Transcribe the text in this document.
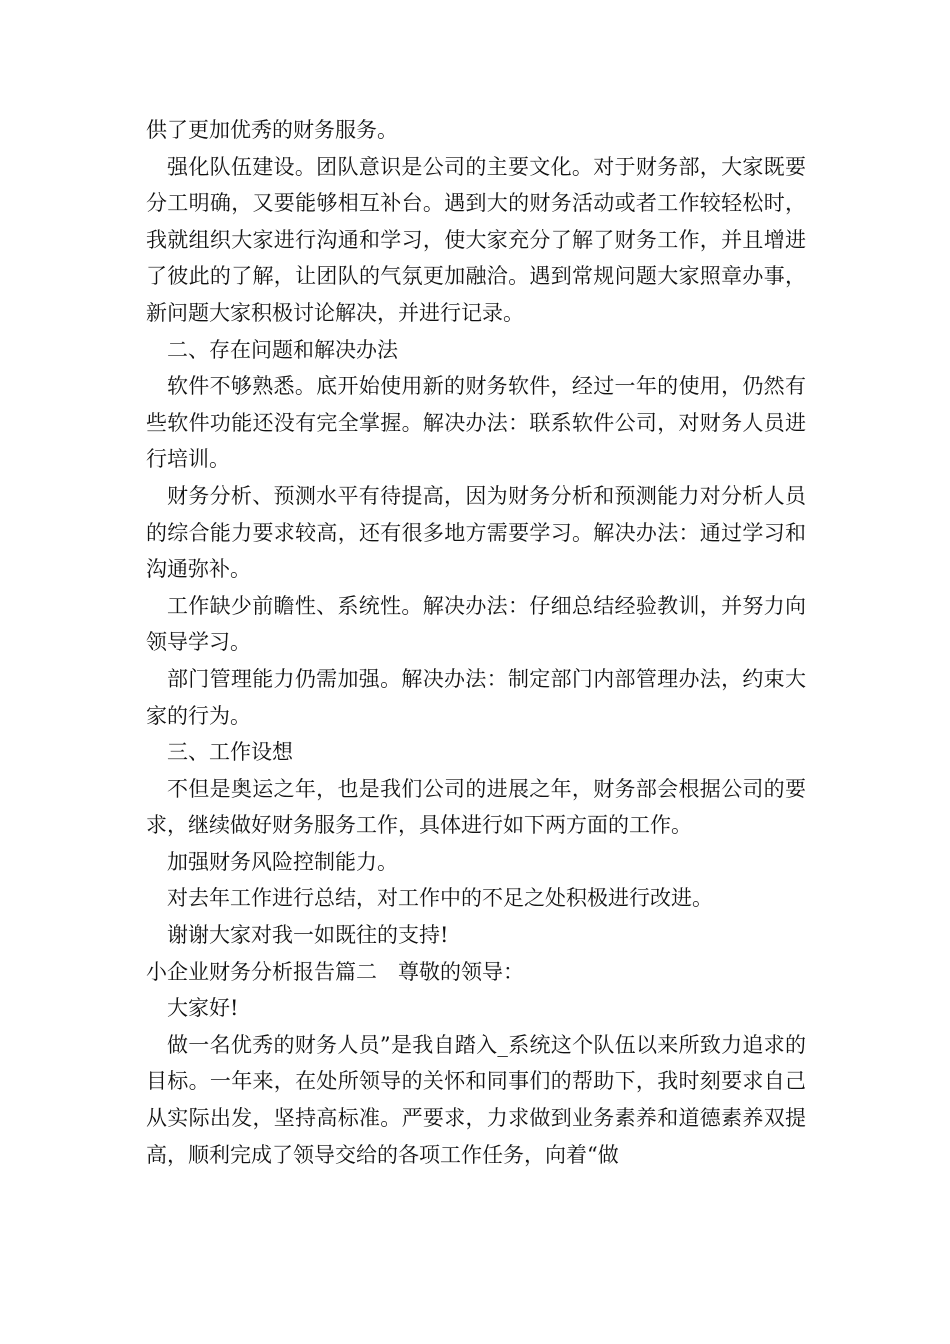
供了更加优秀的财务服务。

强化队伍建设。团队意识是公司的主要文化。对于财务部，大家既要分工明确，又要能够相互补台。遇到大的财务活动或者工作较轻松时，我就组织大家进行沟通和学习，使大家充分了解了财务工作，并且增进了彼此的了解，让团队的气氛更加融洽。遇到常规问题大家照章办事，新问题大家积极讨论解决，并进行记录。

二、存在问题和解决办法

软件不够熟悉。底开始使用新的财务软件，经过一年的使用，仍然有些软件功能还没有完全掌握。解决办法：联系软件公司，对财务人员进行培训。

财务分析、预测水平有待提高，因为财务分析和预测能力对分析人员的综合能力要求较高，还有很多地方需要学习。解决办法：通过学习和沟通弥补。

工作缺少前瞻性、系统性。解决办法：仔细总结经验教训，并努力向领导学习。

部门管理能力仍需加强。解决办法：制定部门内部管理办法，约束大家的行为。

三、工作设想

不但是奥运之年，也是我们公司的进展之年，财务部会根据公司的要求，继续做好财务服务工作，具体进行如下两方面的工作。

加强财务风险控制能力。

对去年工作进行总结，对工作中的不足之处积极进行改进。

谢谢大家对我一如既往的支持!

小企业财务分析报告篇二　尊敬的领导：

大家好!

做一名优秀的财务人员”是我自踏入_系统这个队伍以来所致力追求的目标。一年来，在处所领导的关怀和同事们的帮助下，我时刻要求自己从实际出发，坚持高标准。严要求，力求做到业务素养和道德素养双提高，顺利完成了领导交给的各项工作任务，向着“做
